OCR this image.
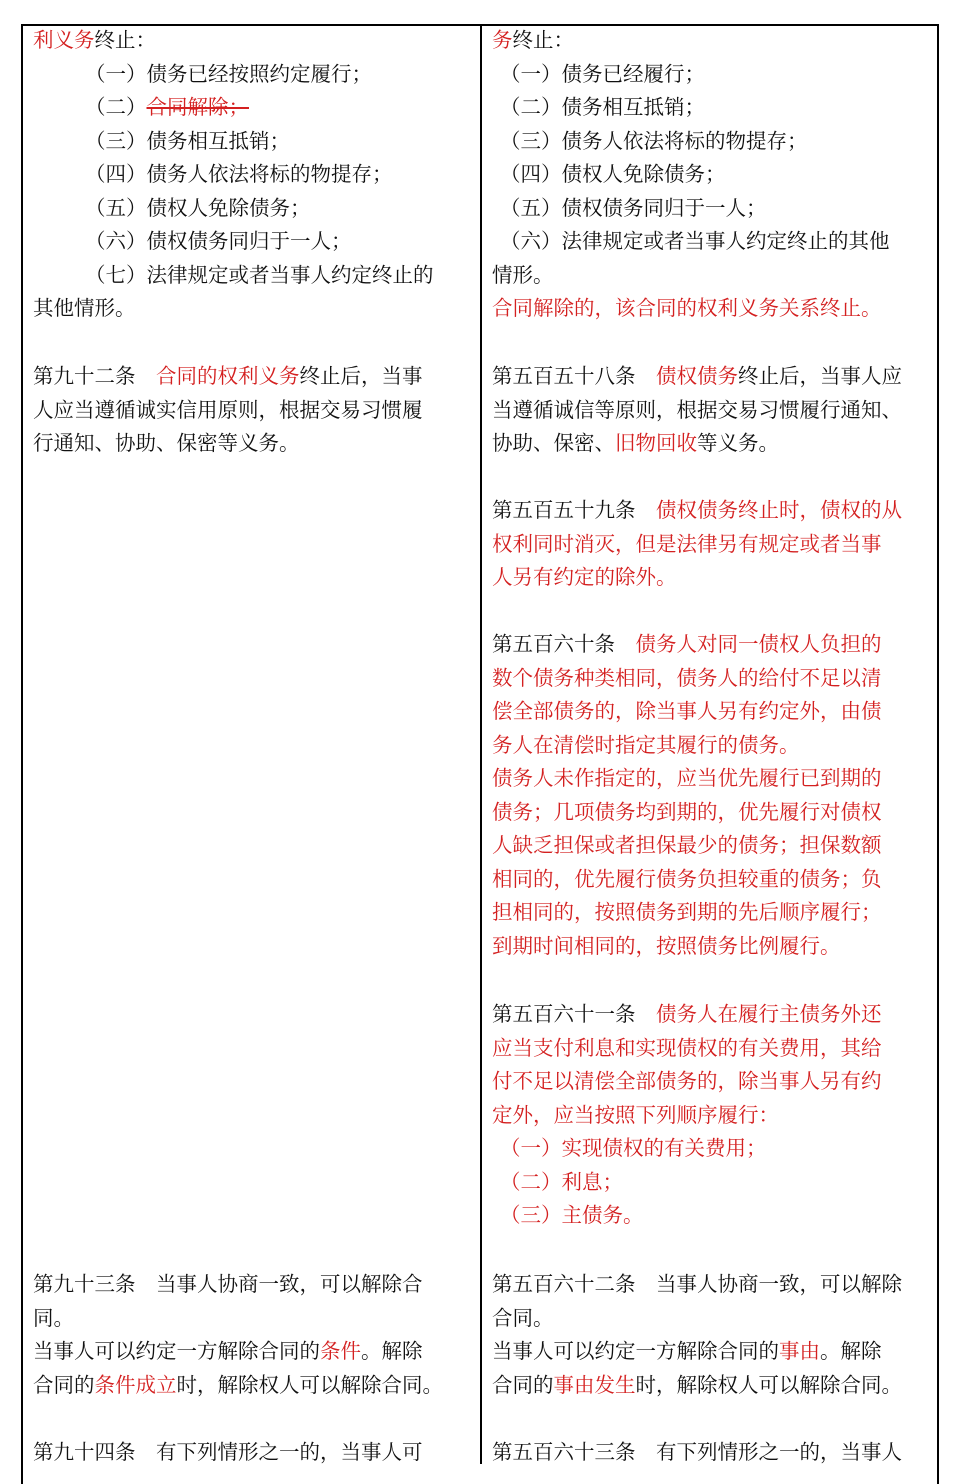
利义务终止：
（一）债务已经按照约定履行；
（二）合同解除；
（三）债务相互抵销；
（四）债务人依法将标的物提存；
（五）债权人免除债务；
（六）债权债务同归于一人；
（七）法律规定或者当事人约定终止的
其他情形。
第九十二条　合同的权利义务终止后，当事
人应当遵循诚实信用原则，根据交易习惯履
行通知、协助、保密等义务。
第九十三条　当事人协商一致，可以解除合
同。
当事人可以约定一方解除合同的条件。解除
合同的条件成立时，解除权人可以解除合同。
第九十四条　有下列情形之一的，当事人可
务终止：
（一）债务已经履行；
（二）债务相互抵销；
（三）债务人依法将标的物提存；
（四）债权人免除债务；
（五）债权债务同归于一人；
（六）法律规定或者当事人约定终止的其他
情形。
合同解除的，该合同的权利义务关系终止。
第五百五十八条　债权债务终止后，当事人应
当遵循诚信等原则，根据交易习惯履行通知、
协助、保密、旧物回收等义务。
第五百五十九条　债权债务终止时，债权的从
权利同时消灭，但是法律另有规定或者当事
人另有约定的除外。
第五百六十条　债务人对同一债权人负担的
数个债务种类相同，债务人的给付不足以清
偿全部债务的，除当事人另有约定外，由债
务人在清偿时指定其履行的债务。
债务人未作指定的，应当优先履行已到期的
债务；几项债务均到期的，优先履行对债权
人缺乏担保或者担保最少的债务；担保数额
相同的，优先履行债务负担较重的债务；负
担相同的，按照债务到期的先后顺序履行；
到期时间相同的，按照债务比例履行。
第五百六十一条　债务人在履行主债务外还
应当支付利息和实现债权的有关费用，其给
付不足以清偿全部债务的，除当事人另有约
定外，应当按照下列顺序履行：
（一）实现债权的有关费用；
（二）利息；
（三）主债务。
第五百六十二条　当事人协商一致，可以解除
合同。
当事人可以约定一方解除合同的事由。解除
合同的事由发生时，解除权人可以解除合同。
第五百六十三条　有下列情形之一的，当事人
